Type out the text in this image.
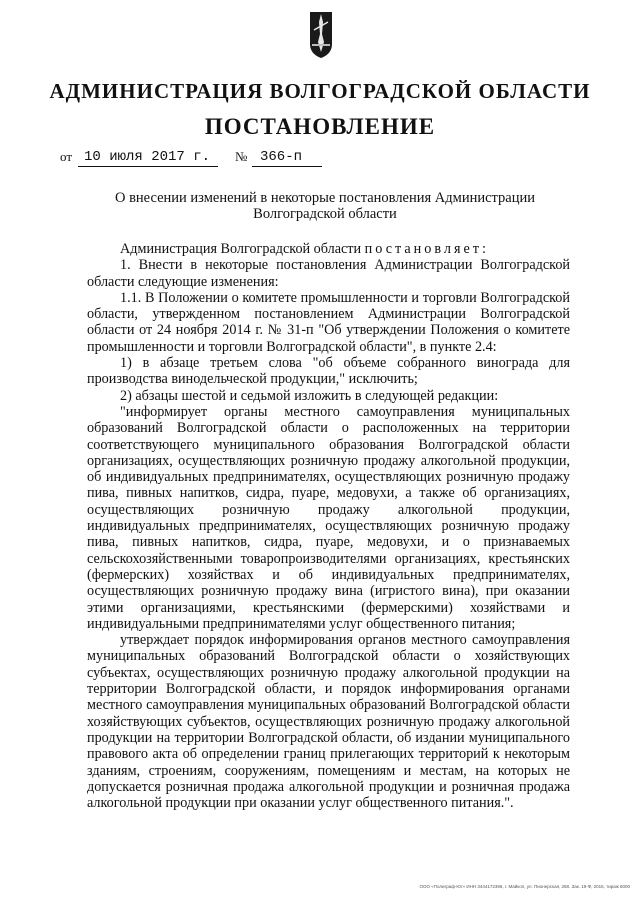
АДМИНИСТРАЦИЯ ВОЛГОГРАДСКОЙ ОБЛАСТИ
ПОСТАНОВЛЕНИЕ
от 10 июля 2017 г. № 366-п
О внесении изменений в некоторые постановления Администрации
Волгоградской области
Администрация Волгоградской области постановляет:
1. Внести в некоторые постановления Администрации Волгоградской области следующие изменения:
1.1. В Положении о комитете промышленности и торговли Волгоградской области, утвержденном постановлением Администрации Волгоградской области от 24 ноября 2014 г. № 31-п "Об утверждении Положения о комитете промышленности и торговли Волгоградской области", в пункте 2.4:
1) в абзаце третьем слова "об объеме собранного винограда для производства винодельческой продукции," исключить;
2) абзацы шестой и седьмой изложить в следующей редакции:
"информирует органы местного самоуправления муниципальных образований Волгоградской области о расположенных на территории соответствующего муниципального образования Волгоградской области организациях, осуществляющих розничную продажу алкогольной продукции, об индивидуальных предпринимателях, осуществляющих розничную продажу пива, пивных напитков, сидра, пуаре, медовухи, а также об организациях, осуществляющих розничную продажу алкогольной продукции, индивидуальных предпринимателях, осуществляющих розничную продажу пива, пивных напитков, сидра, пуаре, медовухи, и о признаваемых сельскохозяйственными товаропроизводителями организациях, крестьянских (фермерских) хозяйствах и об индивидуальных предпринимателях, осуществляющих розничную продажу вина (игристого вина), при оказании этими организациями, крестьянскими (фермерскими) хозяйствами и индивидуальными предпринимателями услуг общественного питания;
утверждает порядок информирования органов местного самоуправления муниципальных образований Волгоградской области о хозяйствующих субъектах, осуществляющих розничную продажу алкогольной продукции на территории Волгоградской области, и порядок информирования органами местного самоуправления муниципальных образований Волгоградской области хозяйствующих субъектов, осуществляющих розничную продажу алкогольной продукции на территории Волгоградской области, об издании муниципального правового акта об определении границ прилегающих территорий к некоторым зданиям, строениям, сооружениям, помещениям и местам, на которых не допускается розничная продажа алкогольной продукции и розничная продажа алкогольной продукции при оказании услуг общественного питания.".
ООО «Полиграф-Юг» ИНН 3444172396, г. Майкоп, ул. Пионерская, 268. Зак. 19-Ф, 2015, тираж 6000
